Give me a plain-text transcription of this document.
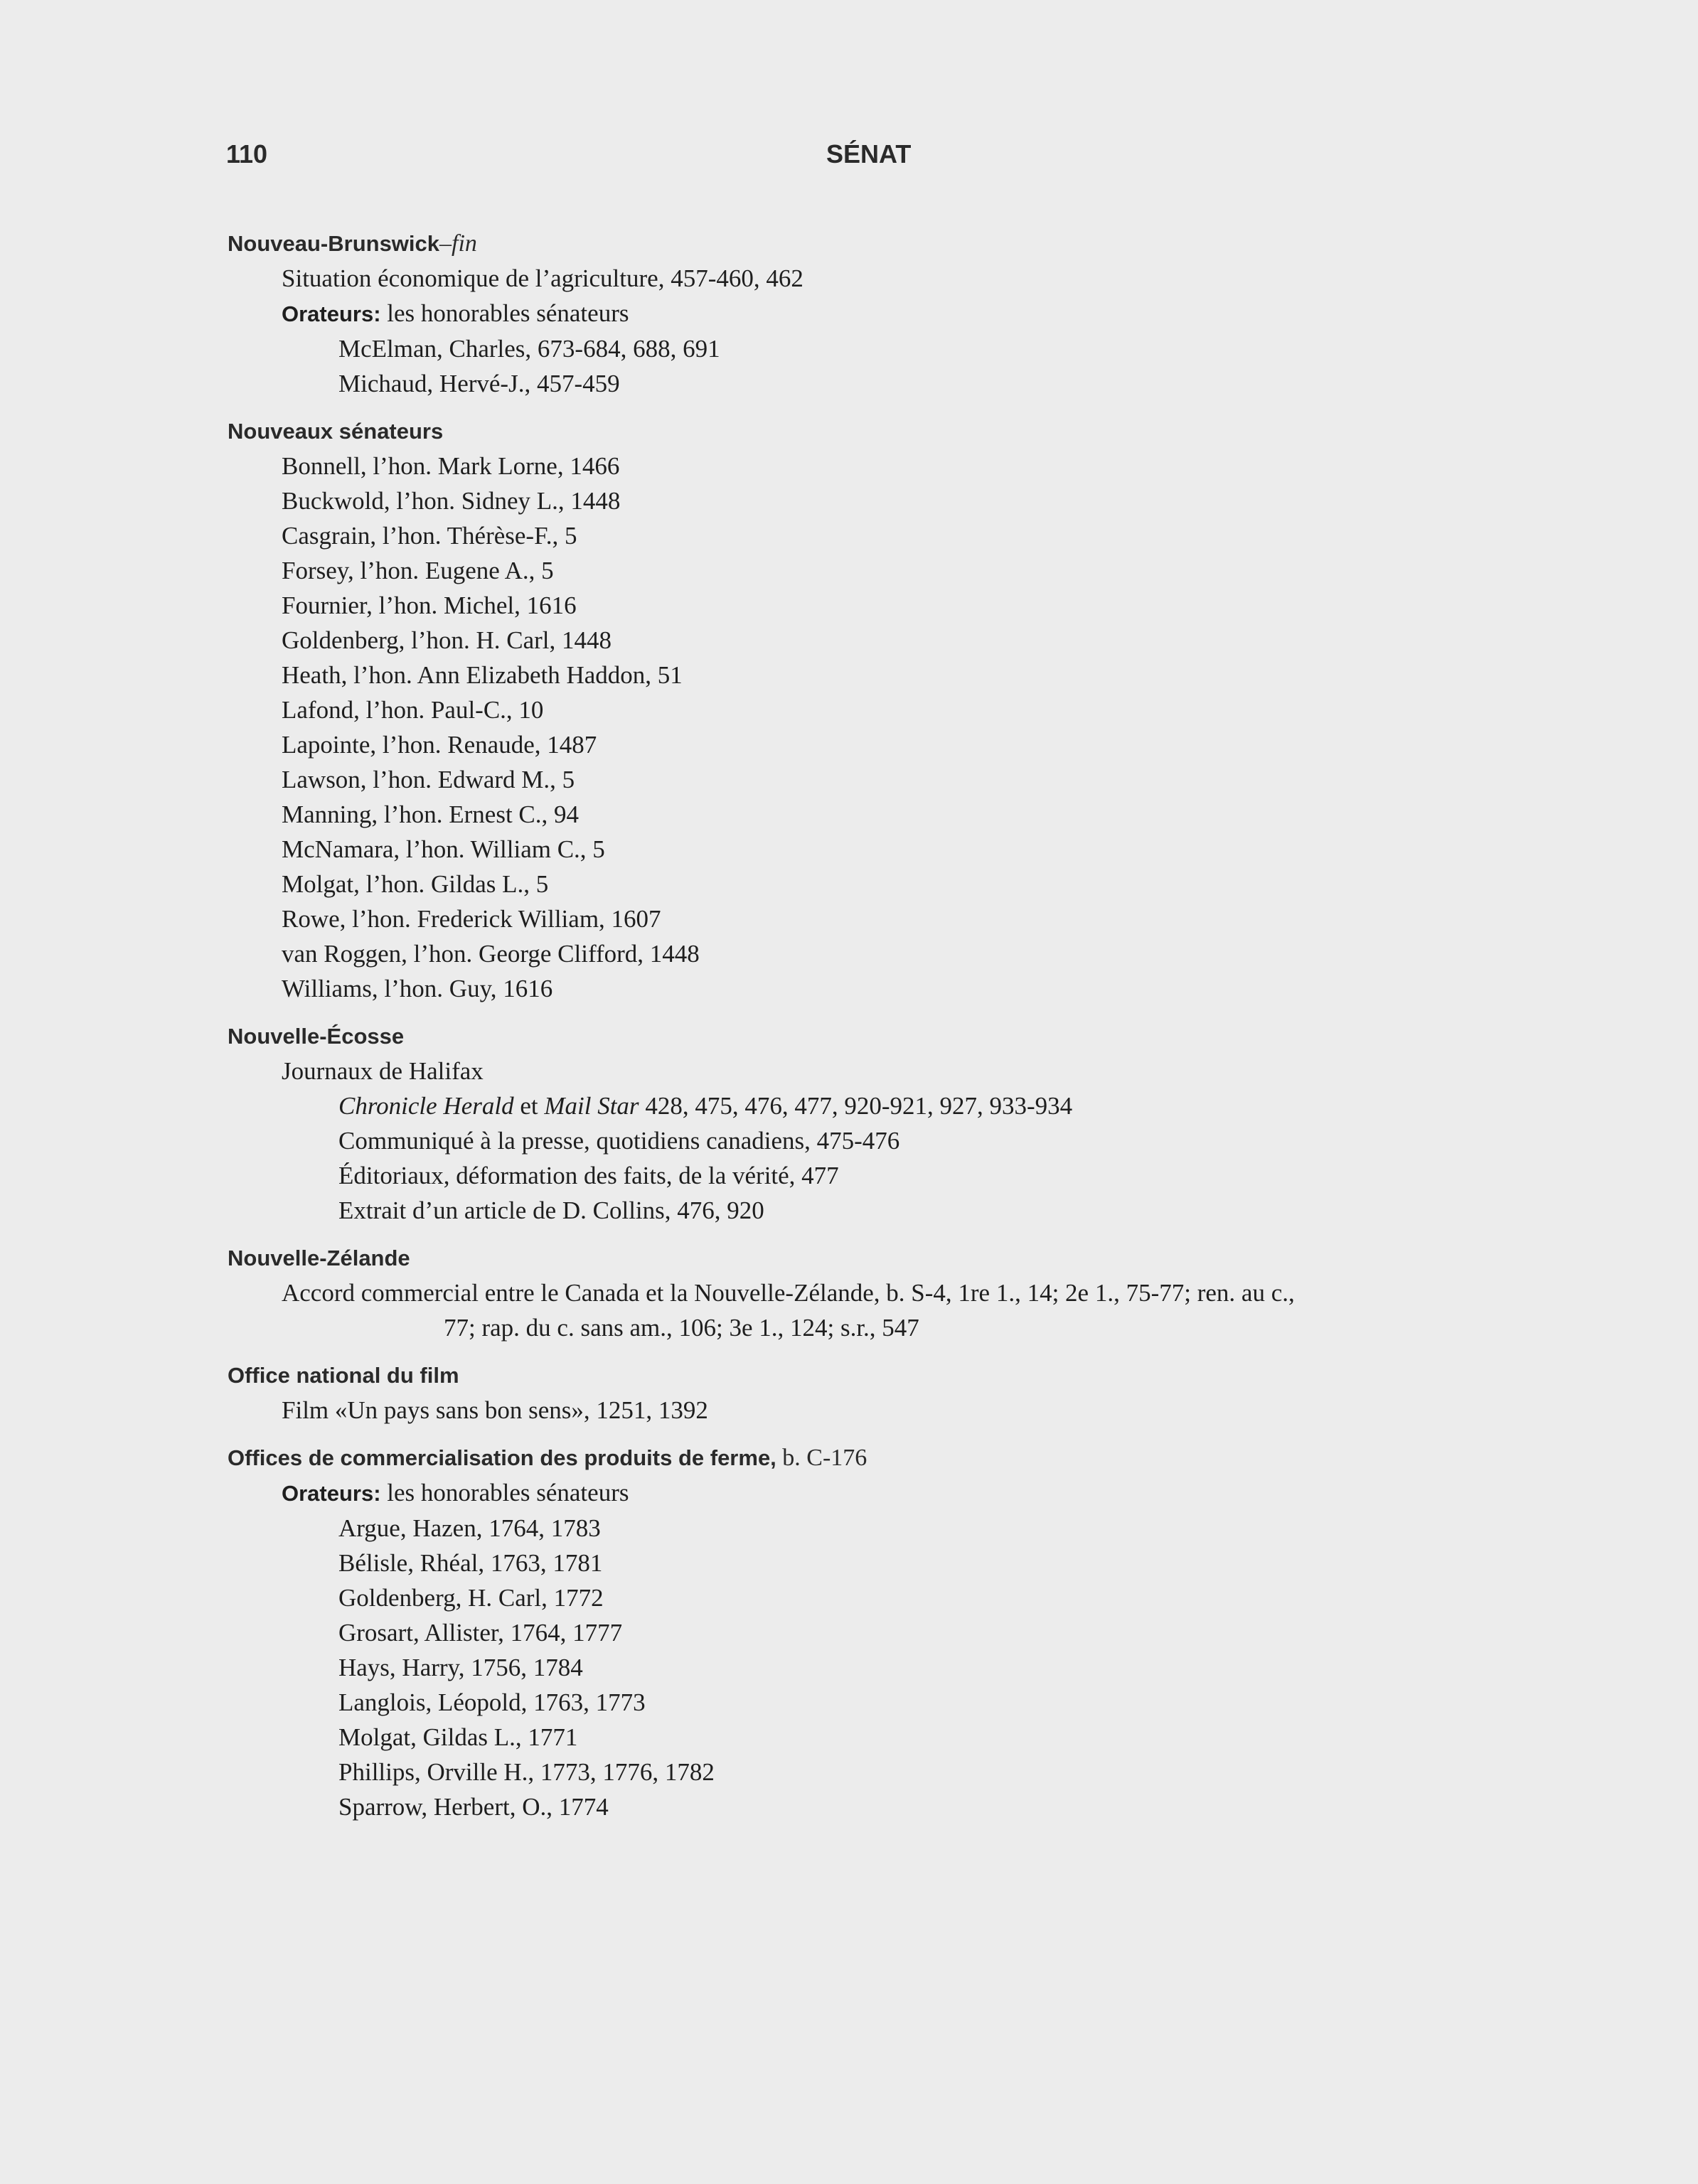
110	SÉNAT
Nouveau-Brunswick–fin
Situation économique de l’agriculture, 457-460, 462
Orateurs: les honorables sénateurs
McElman, Charles, 673-684, 688, 691
Michaud, Hervé-J., 457-459
Nouveaux sénateurs
Bonnell, l’hon. Mark Lorne, 1466
Buckwold, l’hon. Sidney L., 1448
Casgrain, l’hon. Thérèse-F., 5
Forsey, l’hon. Eugene A., 5
Fournier, l’hon. Michel, 1616
Goldenberg, l’hon. H. Carl, 1448
Heath, l’hon. Ann Elizabeth Haddon, 51
Lafond, l’hon. Paul-C., 10
Lapointe, l’hon. Renaude, 1487
Lawson, l’hon. Edward M., 5
Manning, l’hon. Ernest C., 94
McNamara, l’hon. William C., 5
Molgat, l’hon. Gildas L., 5
Rowe, l’hon. Frederick William, 1607
van Roggen, l’hon. George Clifford, 1448
Williams, l’hon. Guy, 1616
Nouvelle-Écosse
Journaux de Halifax
Chronicle Herald et Mail Star 428, 475, 476, 477, 920-921, 927, 933-934
Communiqué à la presse, quotidiens canadiens, 475-476
Éditoriaux, déformation des faits, de la vérité, 477
Extrait d’un article de D. Collins, 476, 920
Nouvelle-Zélande
Accord commercial entre le Canada et la Nouvelle-Zélande, b. S-4, 1re 1., 14; 2e 1., 75-77; ren. au c.,
77; rap. du c. sans am., 106; 3e 1., 124; s.r., 547
Office national du film
Film «Un pays sans bon sens», 1251, 1392
Offices de commercialisation des produits de ferme, b. C-176
Orateurs: les honorables sénateurs
Argue, Hazen, 1764, 1783
Bélisle, Rhéal, 1763, 1781
Goldenberg, H. Carl, 1772
Grosart, Allister, 1764, 1777
Hays, Harry, 1756, 1784
Langlois, Léopold, 1763, 1773
Molgat, Gildas L., 1771
Phillips, Orville H., 1773, 1776, 1782
Sparrow, Herbert, O., 1774
